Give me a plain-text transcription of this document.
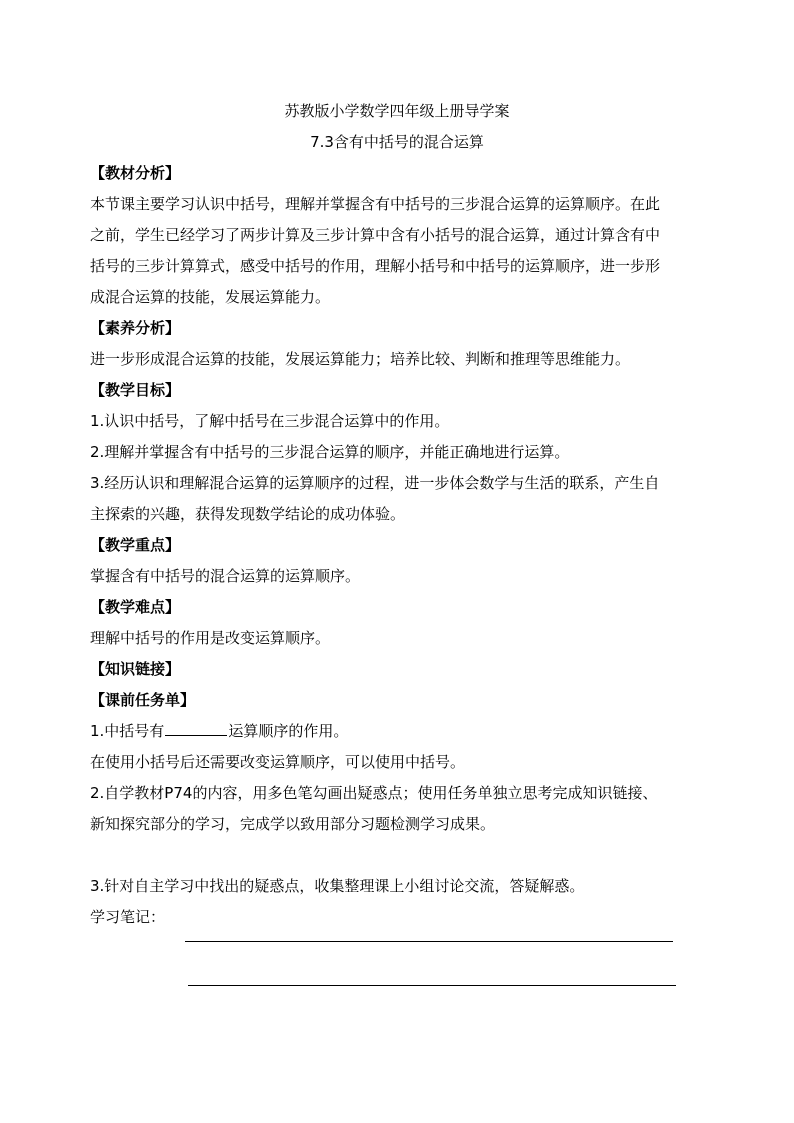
苏教版小学数学四年级上册导学案
7.3含有中括号的混合运算
【教材分析】
本节课主要学习认识中括号，理解并掌握含有中括号的三步混合运算的运算顺序。在此
之前，学生已经学习了两步计算及三步计算中含有小括号的混合运算，通过计算含有中
括号的三步计算算式，感受中括号的作用，理解小括号和中括号的运算顺序，进一步形
成混合运算的技能，发展运算能力。
【素养分析】
进一步形成混合运算的技能，发展运算能力；培养比较、判断和推理等思维能力。
【教学目标】
1.认识中括号，了解中括号在三步混合运算中的作用。
2.理解并掌握含有中括号的三步混合运算的顺序，并能正确地进行运算。
3.经历认识和理解混合运算的运算顺序的过程，进一步体会数学与生活的联系，产生自
主探索的兴趣，获得发现数学结论的成功体验。
【教学重点】
掌握含有中括号的混合运算的运算顺序。
【教学难点】
理解中括号的作用是改变运算顺序。
【知识链接】
【课前任务单】
1.中括号有	运算顺序的作用。
在使用小括号后还需要改变运算顺序，可以使用中括号。
2.自学教材P74的内容，用多色笔勾画出疑惑点；使用任务单独立思考完成知识链接、
新知探究部分的学习，完成学以致用部分习题检测学习成果。
3.针对自主学习中找出的疑惑点，收集整理课上小组讨论交流，答疑解惑。
学习笔记：
